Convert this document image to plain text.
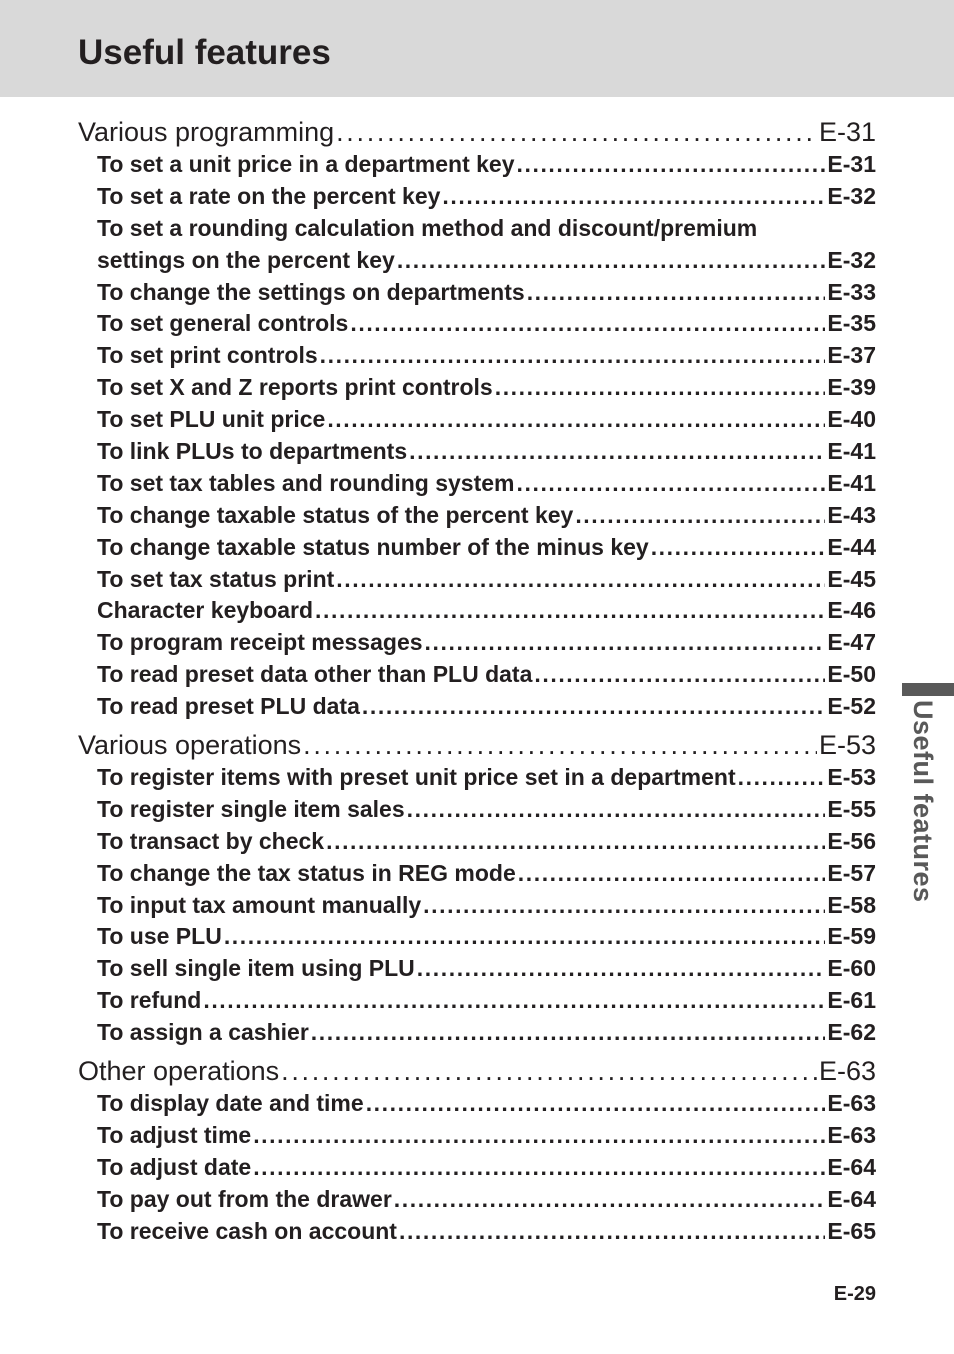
Useful features
Various programming . . .	E-31
To set a unit price in a department key . . .	E-31
To set a rate on the percent key . . .	E-32
To set a rounding calculation method and discount/premium
settings on the percent key . . .	E-32
To change the settings on departments . . .	E-33
To set general controls . . .	E-35
To set print controls . . .	E-37
To set X and Z reports print controls . . .	E-39
To set PLU unit price . . .	E-40
To link PLUs to departments . . .	E-41
To set tax tables and rounding system . . .	E-41
To change taxable status of the percent key . . .	E-43
To change taxable status number of the minus key . . .	E-44
To set tax status print . . .	E-45
Character keyboard . . .	E-46
To program receipt messages . . .	E-47
To read preset data other than PLU data . . .	E-50
To read preset PLU data . . .	E-52
Various operations . . .	E-53
To register items with preset unit price set in a department . . .	E-53
To register single item sales . . .	E-55
To transact by check . . .	E-56
To change the tax status in REG mode . . .	E-57
To input tax amount manually . . .	E-58
To use PLU . . .	E-59
To sell single item using PLU . . .	E-60
To refund . . .	E-61
To assign a cashier . . .	E-62
Other operations . . .	E-63
To display date and time . . .	E-63
To adjust time . . .	E-63
To adjust date . . .	E-64
To pay out from the drawer . . .	E-64
To receive cash on account . . .	E-65
Useful features
E-29
